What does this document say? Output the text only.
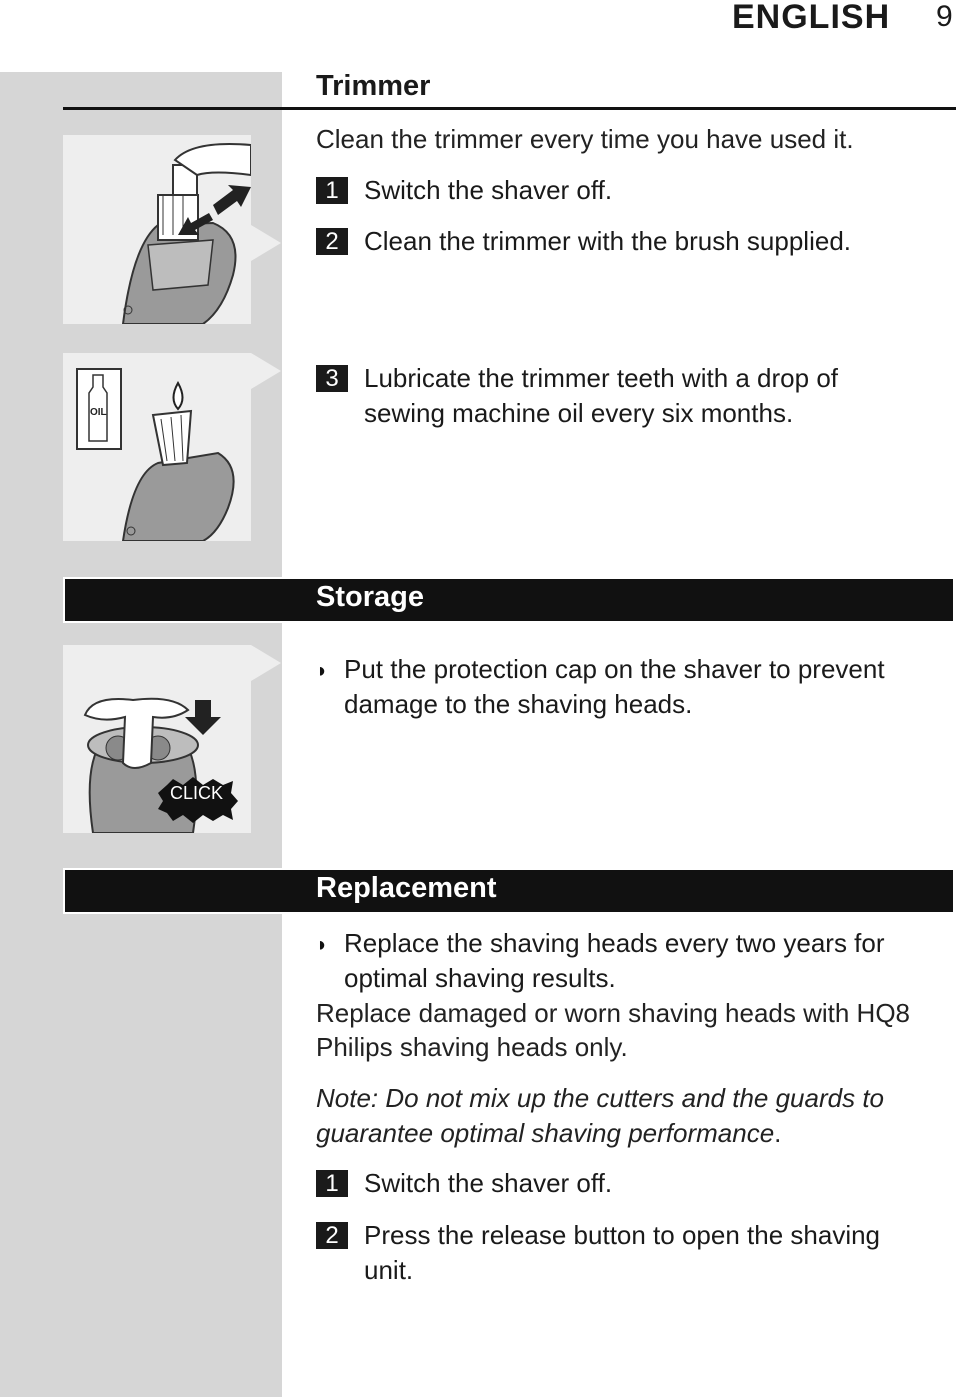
ENGLISH 9
Trimmer
Clean the trimmer every time you have used it.
1 Switch the shaver off.
2 Clean the trimmer with the brush supplied.
OIL
3 Lubricate the trimmer teeth with a drop of
sewing machine oil every six months.
Storage
CLICK
◗ Put the protection cap on the shaver to prevent
damage to the shaving heads.
Replacement
◗ Replace the shaving heads every two years for
optimal shaving results.
Replace damaged or worn shaving heads with HQ8
Philips shaving heads only.
Note: Do not mix up the cutters and the guards to
guarantee optimal shaving performance.
1 Switch the shaver off.
2 Press the release button to open the shaving
unit.
